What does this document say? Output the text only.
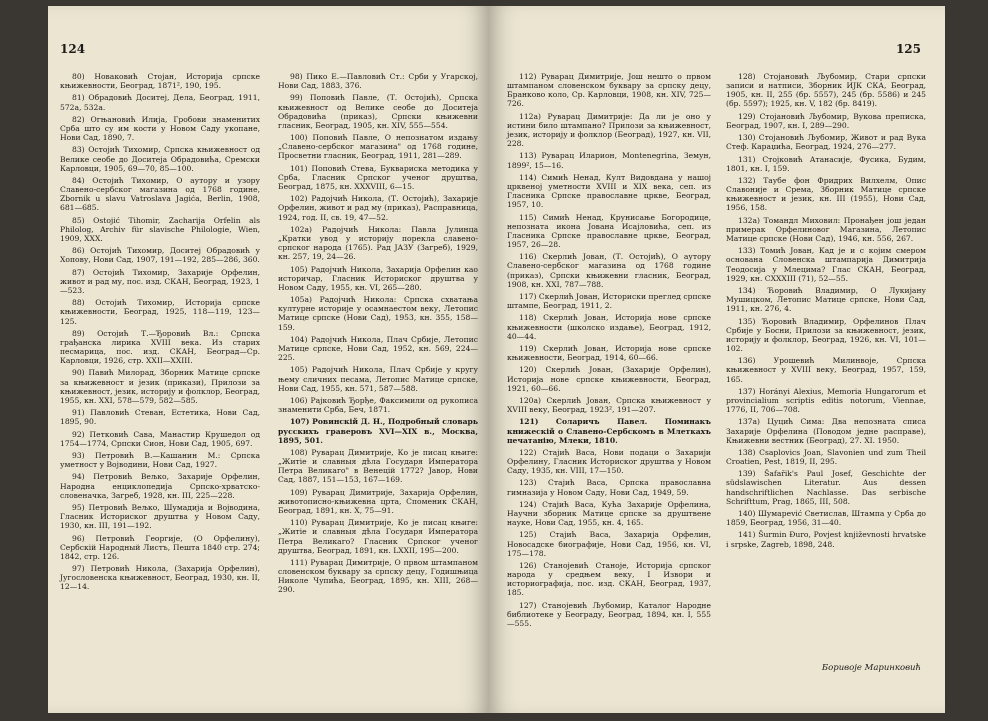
124

80) Новаковић Стојан, Историја српске књижевности, Београд, 1871², 190, 195.

81) Обрадовић Доситеј, Дела, Београд, 1911, 572а, 532а.

82) Огњановић Илија, Гробови знаменитих Срба што су им кости у Новом Саду укопане, Нови Сад, 1890, 7.

83) Остојић Тихомир, Српска књижевност од Велике сеобе до Доситеја Обрадовића, Сремски Карловци, 1905, 69—70, 85—100.

84) Остојић Тихомир, О аутору и узору Славено-сербског магазина од 1768 године, Zbornik u slavu Vatroslava Jagića, Berlin, 1908, 681—685.

85) Ostojić Tihomir, Zacharija Orfelin als Philolog, Archiv für slavische Philologie, Wien, 1909, XXX.

86) Остојић Тихомир, Доситеј Обрадовић у Хопову, Нови Сад, 1907, 191—192, 285—286, 360.

87) Остојић Тихомир, Захарије Орфелин, живот и рад му, пос. изд. СКАН, Београд, 1923, 1—523.

88) Остојић Тихомир, Историја српске књижевности, Београд, 1925, 118—119, 123—125.

89) Остојић Т.—Ђоровић Вл.: Српска грађанска лирика XVIII века. Из старих песмарица, пос. изд. СКАН, Београд—Ср. Карловци, 1926, стр. XXII—XXIII.

90) Павић Милорад, Зборник Матице српске за књижевност и језик (прикази), Прилози за књижевност, језик, историју и фолклор, Београд, 1955, кн. XXI, 578—579, 582—585.

91) Павловић Стеван, Естетика, Нови Сад, 1895, 90.

92) Петковић Сава, Манастир Крушедол од 1754—1774, Српски Сион, Нови Сад, 1905, 697.

93) Петровић В.—Кашанин М.: Српска уметност у Војводини, Нови Сад, 1927.

94) Петровић Вељко, Захарије Орфелин, Народна енциклопедија Српско-хрватско-словеначка, Загреб, 1928, кн. III, 225—228.

95) Петровић Вељко, Шумадија и Војводина, Гласник Историског друштва у Новом Саду, 1930, кн. III, 191—192.

96) Петровић Георгије, (О Орфелину), Сербскій Народный Листъ, Пешта 1840 стр. 274; 1842, стр. 126.

97) Петровић Никола, (Захарија Орфелин), Југословенска књижевност, Београд, 1930, кн. II, 12—14.

98) Пико Е.—Павловић Ст.: Срби у Угарској, Нови Сад, 1883, 376.

99) Поповић Павле, (Т. Остојић), Српска књижевност од Велике сеобе до Доситеја Обрадовића (приказ), Српски књижевни гласник, Београд, 1905, кн. XIV, 555—554.

100) Поповић Павле, О непознатом издању „Славено-сербског магазина" од 1768 године, Просветни гласник, Београд, 1911, 281—289.

101) Поповић Стева, Буквариска методика у Срба, Гласник Српског ученог друштва, Београд, 1875, кн. XXXVIII, 6—15.

102) Радојчић Никола, (Т. Остојић), Захарије Орфелин, живот и рад му (приказ), Расправница, 1924, год. II, св. 19, 47—52.

102а) Радојчић Никола: Павла Јулинца „Кратки увод у историју порекла славено-српског народа (1765). Рад ЈАЗУ (Загреб), 1929, кн. 257, 19, 24—26.

105) Радојчић Никола, Захарија Орфелин као историчар, Гласник Историског друштва у Новом Саду, 1955, кн. VI, 265—280.

105а) Радојчић Никола: Српска схватања културне историје у осамнаестом веку, Летопис Матице српске (Нови Сад), 1953, кн. 355, 158—159.

104) Радојчић Никола, Плач Србије, Летопис Матице српске, Нови Сад, 1952, кн. 569, 224—225.

105) Радојчић Никола, Плач Србије у кругу њему сличних песама, Летопис Матице српске, Нови Сад, 1955, кн. 571, 587—588.

106) Рајковић Ђорђе, Факсимили од рукописа знаменити Срба, Беч, 1871.

107) Ровинскій Д. Н., Подробный словарь русскихъ граверовъ XVI—XIX в., Москва, 1895, 501.

108) Руварац Димитрије, Ко је писац књиге: „Житіе и славныя дѣла Государя Императора Петра Великаго" в Венецій 1772? Јавор, Нови Сад, 1887, 151—153, 167—169.

109) Руварац Димитрије, Захарија Орфелин, животописно-књижевна црта, Споменик СКАН, Београд, 1891, кн. X, 75—91.

110) Руварац Димитрије, Ко је писац књиге: „Житіе и славныя дѣла Государя Императора Петра Великаго? Гласник Српског ученог друштва, Београд, 1891, кн. LXXII, 195—200.

111) Руварац Димитрије, О првом штампаном словенском буквару за српску децу, Годишњица Николе Чупића, Београд, 1895, кн. XIII, 268—290.

125

112) Руварац Димитрије, Још нешто о првом штампаном словенском буквару за српску децу, Бранково коло, Ср. Карловци, 1908, кн. XIV, 725—726.

112а) Руварац Димитрије: Да ли је оно у истини било штампано? Прилози за књижевност, језик, историју и фолклор (Београд), 1927, кн. VII, 228.

113) Руварац Иларион, Montenegrina, Земун, 1899², 15—16.

114) Симић Ненад, Култ Видовдана у нашој црквеној уметности XVIII и XIX века, сеп. из Гласника Српске православне цркве, Београд, 1957, 10.

115) Симић Ненад, Крунисање Богородице, непозната икона Јована Исајловића, сеп. из Гласника Српске православне цркве, Београд, 1957, 26—28.

116) Скерлић Јован, (Т. Остојић), О аутору Славено-сербског магазина од 1768 године (приказ), Српски књижевни гласник, Београд, 1908, кн. XXI, 787—788.

117) Скерлић Јован, Историски преглед српске штампе, Београд, 1911, 2.

118) Скерлић Јован, Историја нове српске књижевности (школско издање), Београд, 1912, 40—44.

119) Скерлић Јован, Историја нове српске књижевности, Београд, 1914, 60—66.

120) Скерлић Јован, (Захарије Орфелин), Историја нове српске књижевности, Београд, 1921, 60—66.

120а) Скерлић Јован, Српска књижевност у XVIII веку, Београд, 1923², 191—207.

121) Соларичъ Павел. Поминакъ книжескій о Славено-Сербскомъ в Млеткахъ печатанію, Млеки, 1810.

122) Стајић Васа, Нови подаци о Захарији Орфелину, Гласник Историског друштва у Новом Саду, 1935, кн. VIII, 17—150.

123) Стајић Васа, Српска православна гимназија у Новом Саду, Нови Сад, 1949, 59.

124) Стајић Васа, Кућа Захарије Орфелина, Научни зборник Матице српске за друштвене науке, Нови Сад, 1955, кн. 4, 165.

125) Стајић Васа, Захарија Орфелин, Новосадске биографије, Нови Сад, 1956, кн. VI, 175—178.

126) Станојевић Станоје, Историја српског народа у средњем веку, I Извори и историографија, пос. изд. СКАН, Београд, 1937, 185.

127) Станојевић Љубомир, Каталог Народне библиотеке у Београду, Београд, 1894, кн. I, 555—555.

128) Стојановић Љубомир, Стари српски записи и натписи, Зборник ИЈК СКА, Београд, 1905, кн. II, 255 (бр. 5557), 245 (бр. 5586) и 245 (бр. 5597); 1925, кн. V, 182 (бр. 8419).

129) Стојановић Љубомир, Вукова преписка, Београд, 1907, кн. I, 289—290.

130) Стојановић Љубомир, Живот и рад Вука Стеф. Караџића, Београд, 1924, 276—277.

131) Стојковић Атанасије, Фусика, Будим, 1801, кн. I, 159.

132) Таубе фон Фридрих Вилхелм, Опис Славоније и Срема, Зборник Матице српске књижевност и језик, кн. III (1955), Нови Сад, 1956, 158.

132а) Томандл Миховил: Пронађен још један примерак Орфелиновог Магазина, Летопис Матице српске (Нови Сад), 1946, кн. 556, 267.

133) Томић Јован, Кад је и с којим смером основана Словенска штампарија Димитрија Теодосија у Млецима? Глас СКАН, Београд, 1929, кн. СХХХIII (71), 52—55.

134) Ћоровић Владимир, О Лукијану Мушицком, Летопис Матице српске, Нови Сад, 1911, кн. 276, 4.

135) Ћоровић Владимир, Орфелинов Плач Србије у Босни, Прилози за књижевност, језик, историју и фолклор, Београд, 1926, кн. VI, 101—102.

136) Урошевић Милинвоје, Српска књижевност у XVIII веку, Београд, 1957, 159, 165.

137) Horányi Alexius, Memoria Hungarorum et provincialium scriptis editis notorum, Viennae, 1776, II, 706—708.

137а) Цуцић Сима: Два непозната списа Захарије Орфелина (Поводом једне расправе), Књижевни вестник (Београд), 27. XI. 1950.

138) Csaplovics Joan, Slavonien und zum Theil Croatien, Pest, 1819, II, 295.

139) Šafařik's Paul Josef, Geschichte der südslawischen Literatur. Aus dessen handschriftlichen Nachlasse. Das serbische Schrifttum, Prag, 1865, III, 508.

140) Шумарević Светислав, Штампа у Срба до 1859, Београд, 1956, 31—40.

141) Šurmin Đuro, Povjest književnosti hrvatske i srpske, Zagreb, 1898, 248.

Боривоје Маринковић
